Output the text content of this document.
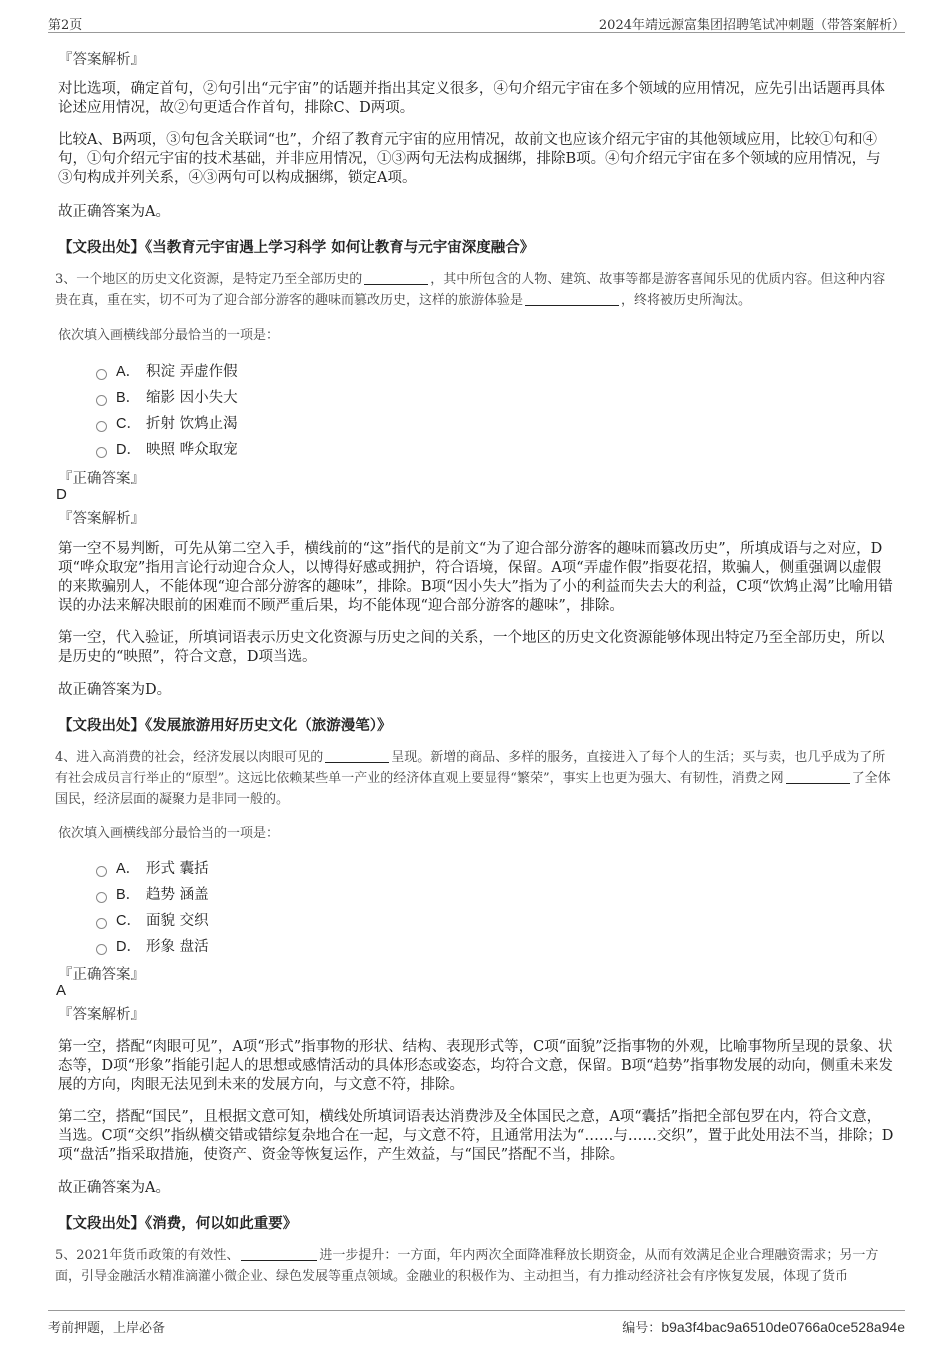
第2页	2024年靖远源富集团招聘笔试冲刺题（带答案解析）
『答案解析』
对比选项，确定首句，②句引出“元宇宙”的话题并指出其定义很多，④句介绍元宇宙在多个领域的应用情况，应先引出话题再具体论述应用情况，故②句更适合作首句，排除C、D两项。
比较A、B两项，③句包含关联词“也”，介绍了教育元宇宙的应用情况，故前文也应该介绍元宇宙的其他领域应用，比较①句和④句，①句介绍元宇宙的技术基础，并非应用情况，①③两句无法构成捆绑，排除B项。④句介绍元宇宙在多个领域的应用情况，与③句构成并列关系，④③两句可以构成捆绑，锁定A项。
故正确答案为A。
【文段出处】《当教育元宇宙遇上学习科学 如何让教育与元宇宙深度融合》
3、一个地区的历史文化资源，是特定乃至全部历史的	，其中所包含的人物、建筑、故事等都是游客喜闻乐见的优质内容。但这种内容贵在真，重在实，切不可为了迎合部分游客的趣味而篡改历史，这样的旅游体验是	，终将被历史所淘汰。
依次填入画横线部分最恰当的一项是：
A． 积淀 弄虚作假
B． 缩影 因小失大
C． 折射 饮鸩止渴
D． 映照 哗众取宠
『正确答案』
D
『答案解析』
第一空不易判断，可先从第二空入手，横线前的“这”指代的是前文“为了迎合部分游客的趣味而篡改历史”，所填成语与之对应，D项“哗众取宠”指用言论行动迎合众人，以博得好感或拥护，符合语境，保留。A项“弄虚作假”指耍花招，欺骗人，侧重强调以虚假的来欺骗别人，不能体现“迎合部分游客的趣味”，排除。B项“因小失大”指为了小的利益而失去大的利益，C项“饮鸩止渴”比喻用错误的办法来解决眼前的困难而不顾严重后果，均不能体现“迎合部分游客的趣味”，排除。
第一空，代入验证，所填词语表示历史文化资源与历史之间的关系，一个地区的历史文化资源能够体现出特定乃至全部历史，所以是历史的“映照”，符合文意，D项当选。
故正确答案为D。
【文段出处】《发展旅游用好历史文化（旅游漫笔）》
4、进入高消费的社会，经济发展以肉眼可见的	呈现。新增的商品、多样的服务，直接进入了每个人的生活；买与卖，也几乎成为了所有社会成员言行举止的“原型”。这远比依赖某些单一产业的经济体直观上要显得“繁荣”，事实上也更为强大、有韧性，消费之网	了全体国民，经济层面的凝聚力是非同一般的。
依次填入画横线部分最恰当的一项是：
A． 形式 囊括
B． 趋势 涵盖
C． 面貌 交织
D． 形象 盘活
『正确答案』
A
『答案解析』
第一空，搭配“肉眼可见”，A项“形式”指事物的形状、结构、表现形式等，C项“面貌”泛指事物的外观，比喻事物所呈现的景象、状态等，D项“形象”指能引起人的思想或感情活动的具体形态或姿态，均符合文意，保留。B项“趋势”指事物发展的动向，侧重未来发展的方向，肉眼无法见到未来的发展方向，与文意不符，排除。
第二空，搭配“国民”，且根据文意可知，横线处所填词语表达消费涉及全体国民之意，A项“囊括”指把全部包罗在内，符合文意，当选。C项“交织”指纵横交错或错综复杂地合在一起，与文意不符，且通常用法为“……与……交织”，置于此处用法不当，排除；D项“盘活”指采取措施，使资产、资金等恢复运作，产生效益，与“国民”搭配不当，排除。
故正确答案为A。
【文段出处】《消费，何以如此重要》
5、2021年货币政策的有效性、	进一步提升：一方面，年内两次全面降准释放长期资金，从而有效满足企业合理融资需求；另一方面，引导金融活水精准滴灌小微企业、绿色发展等重点领域。金融业的积极作为、主动担当，有力推动经济社会有序恢复发展，体现了货币
考前押题，上岸必备	编号：b9a3f4bac9a6510de0766a0ce528a94e
